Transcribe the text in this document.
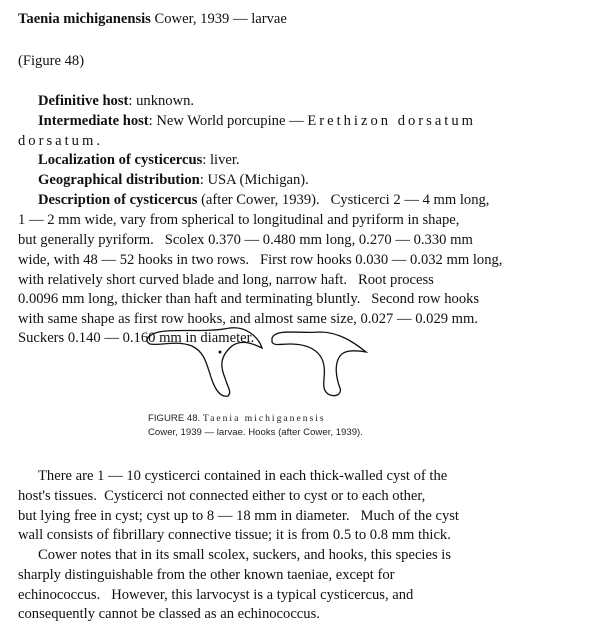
Taenia michiganensis Cower, 1939 — larvae
(Figure 48)
Definitive host: unknown.
Intermediate host: New World porcupine — Erethizon dorsatum
dorsatum.
Localization of cysticercus: liver.
Geographical distribution: USA (Michigan).
Description of cysticercus (after Cower, 1939).   Cysticerci 2 — 4 mm long,
1 — 2 mm wide, vary from spherical to longitudinal and pyriform in shape,
but generally pyriform.   Scolex 0.370 — 0.480 mm long, 0.270 — 0.330 mm
wide, with 48 — 52 hooks in two rows.   First row hooks 0.030 — 0.032 mm long,
with relatively short curved blade and long, narrow haft.   Root process
0.0096 mm long, thicker than haft and terminating bluntly.   Second row hooks
with same shape as first row hooks, and almost same size, 0.027 — 0.029 mm.
Suckers 0.140 — 0.160 mm in diameter.
FIGURE 48. Taenia michiganensis
Cower, 1939 — larvae. Hooks (after Cower, 1939).
There are 1 — 10 cysticerci contained in each thick-walled cyst of the
host's tissues.  Cysticerci not connected either to cyst or to each other,
but lying free in cyst; cyst up to 8 — 18 mm in diameter.   Much of the cyst
wall consists of fibrillary connective tissue; it is from 0.5 to 0.8 mm thick.
Cower notes that in its small scolex, suckers, and hooks, this species is
sharply distinguishable from the other known taeniae, except for
echinococcus.   However, this larvocyst is a typical cysticercus, and
consequently cannot be classed as an echinococcus.
